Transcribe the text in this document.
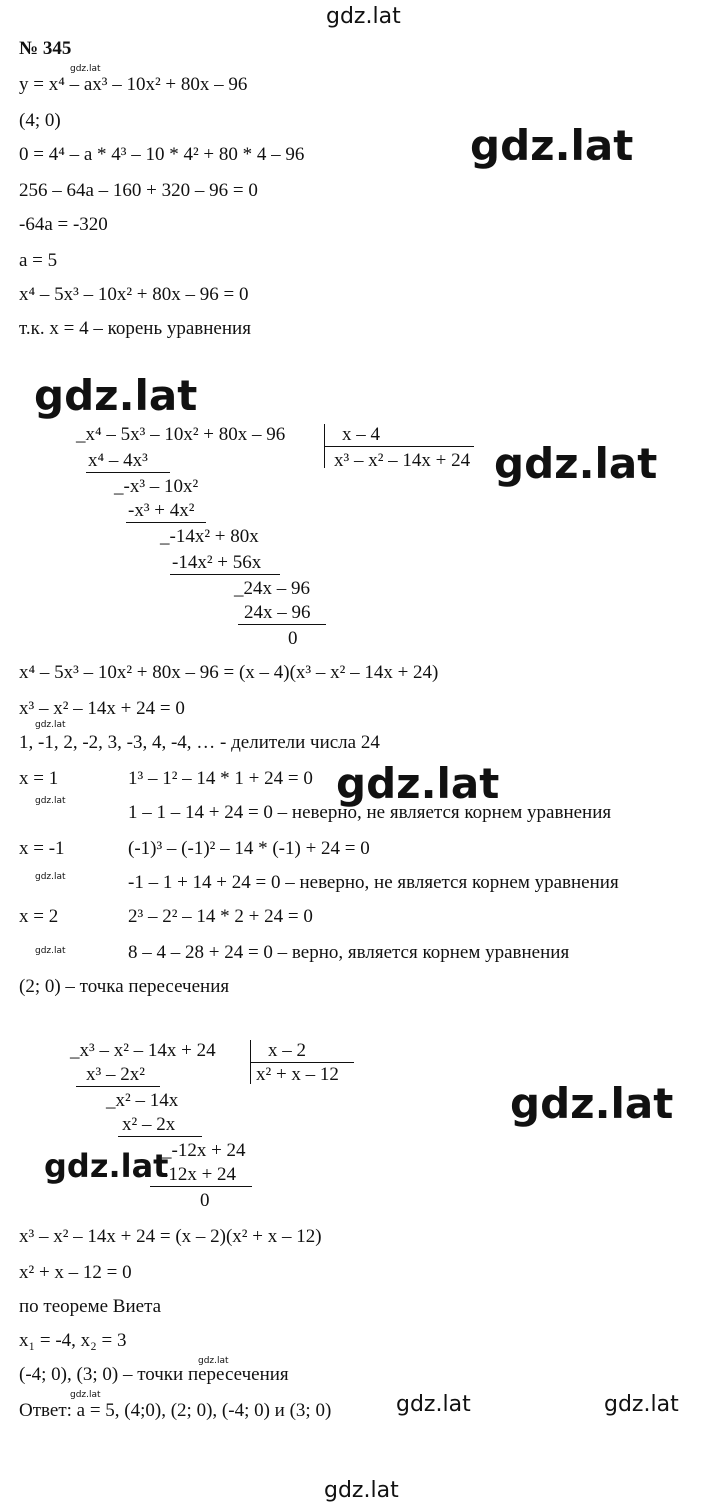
gdz.lat
gdz.lat
gdz.lat
gdz.lat
gdz.lat
gdz.lat
gdz.lat
gdz.lat	gdz.lat
gdz.lat
gdz.lat
gdz.lat
gdz.lat
gdz.lat
gdz.lat
gdz.lat
gdz.lat
№ 345
y = x⁴ – ax³ – 10x² + 80x – 96
(4; 0)
0 = 4⁴ – a * 4³ – 10 * 4² + 80 * 4 – 96
256 – 64a – 160 + 320 – 96 = 0
-64a = -320
a = 5
x⁴ – 5x³ – 10x² + 80x – 96 = 0
т.к. x = 4 – корень уравнения
_x⁴ – 5x³ – 10x² + 80x – 96	x – 4
x³ – x² – 14x + 24
x⁴ – 4x³
_-x³ – 10x²
-x³ + 4x²
_-14x² + 80x
-14x² + 56x
_24x – 96
24x – 96
0
x⁴ – 5x³ – 10x² + 80x – 96 = (x – 4)(x³ – x² – 14x + 24)
x³ – x² – 14x + 24 = 0
1, -1, 2, -2, 3, -3, 4, -4, … - делители числа 24
x = 1	1³ – 1² – 14 * 1 + 24 = 0
1 – 1 – 14 + 24 = 0 – неверно, не является корнем уравнения
x = -1	(-1)³ – (-1)² – 14 * (-1) + 24 = 0
-1 – 1 + 14 + 24 = 0 – неверно, не является корнем уравнения
x = 2	2³ – 2² – 14 * 2 + 24 = 0
8 – 4 – 28 + 24 = 0 – верно, является корнем уравнения
(2; 0) – точка пересечения
_x³ – x² – 14x + 24	x – 2
x² + x – 12
x³ – 2x²
_x² – 14x
x² – 2x
_-12x + 24
-12x + 24
0
x³ – x² – 14x + 24 = (x – 2)(x² + x – 12)
x² + x – 12 = 0
по теореме Виета
x₁ = -4, x₂ = 3
(-4; 0), (3; 0) – точки пересечения
Ответ: a = 5, (4;0), (2; 0), (-4; 0) и (3; 0)
